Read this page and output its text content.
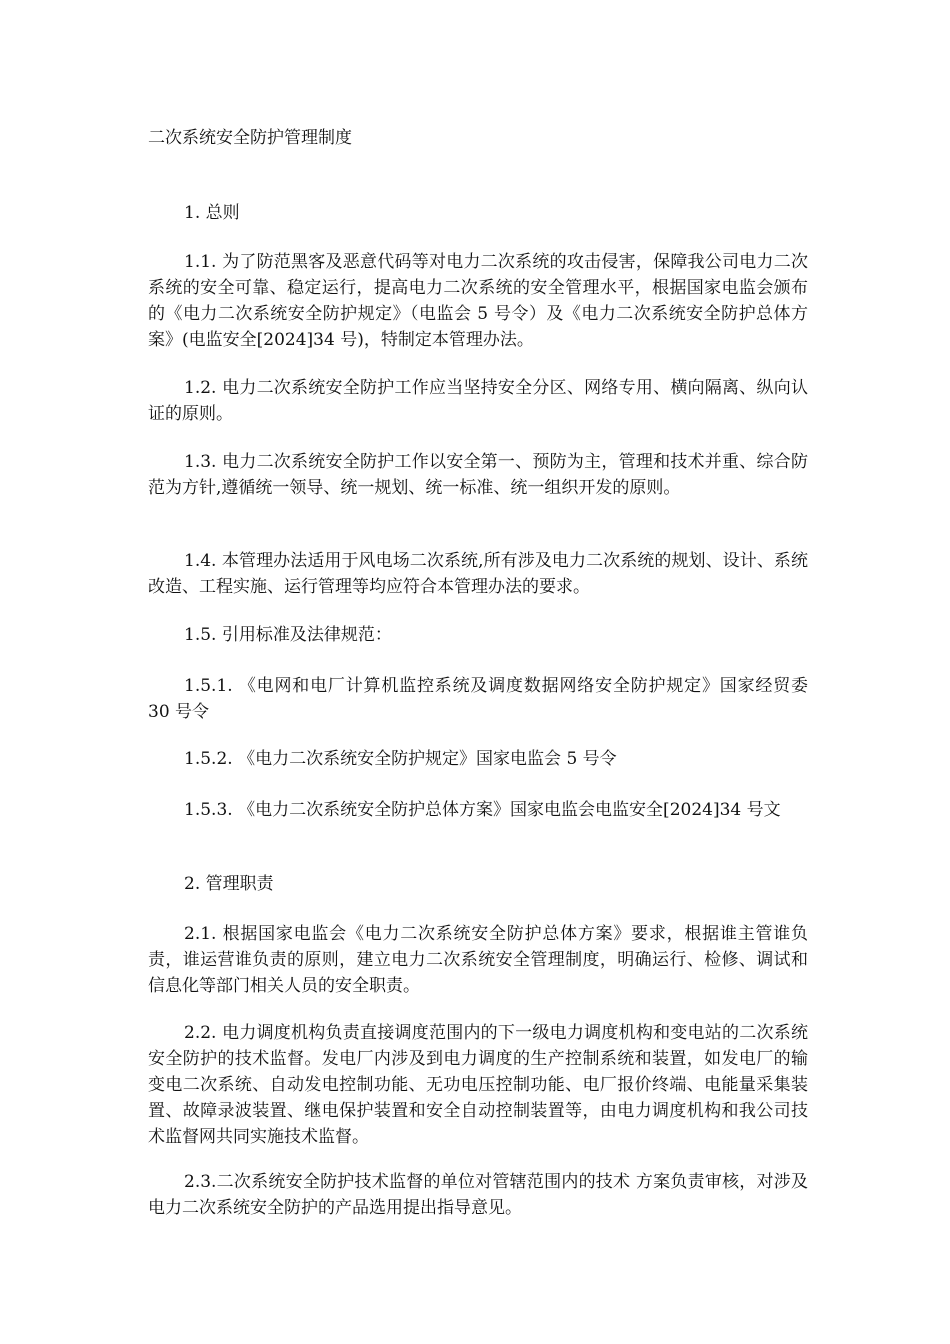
二次系统安全防护管理制度

1. 总则

1.1. 为了防范黑客及恶意代码等对电力二次系统的攻击侵害，保障我公司电力二次系统的安全可靠、稳定运行，提高电力二次系统的安全管理水平，根据国家电监会颁布的《电力二次系统安全防护规定》（电监会 5 号令）及《电力二次系统安全防护总体方案》(电监安全[2024]34 号)，特制定本管理办法。

1.2. 电力二次系统安全防护工作应当坚持安全分区、网络专用、横向隔离、纵向认证的原则。

1.3. 电力二次系统安全防护工作以安全第一、预防为主，管理和技术并重、综合防范为方针,遵循统一领导、统一规划、统一标准、统一组织开发的原则。

1.4. 本管理办法适用于风电场二次系统,所有涉及电力二次系统的规划、设计、系统改造、工程实施、运行管理等均应符合本管理办法的要求。

1.5. 引用标准及法律规范：

1.5.1. 《电网和电厂计算机监控系统及调度数据网络安全防护规定》国家经贸委 30 号令

1.5.2. 《电力二次系统安全防护规定》国家电监会 5 号令

1.5.3. 《电力二次系统安全防护总体方案》国家电监会电监安全[2024]34 号文

2. 管理职责

2.1. 根据国家电监会《电力二次系统安全防护总体方案》要求，根据谁主管谁负责，谁运营谁负责的原则，建立电力二次系统安全管理制度，明确运行、检修、调试和信息化等部门相关人员的安全职责。

2.2. 电力调度机构负责直接调度范围内的下一级电力调度机构和变电站的二次系统安全防护的技术监督。发电厂内涉及到电力调度的生产控制系统和装置，如发电厂的输变电二次系统、自动发电控制功能、无功电压控制功能、电厂报价终端、电能量采集装置、故障录波装置、继电保护装置和安全自动控制装置等，由电力调度机构和我公司技术监督网共同实施技术监督。

2.3.二次系统安全防护技术监督的单位对管辖范围内的技术 方案负责审核，对涉及电力二次系统安全防护的产品选用提出指导意见。
